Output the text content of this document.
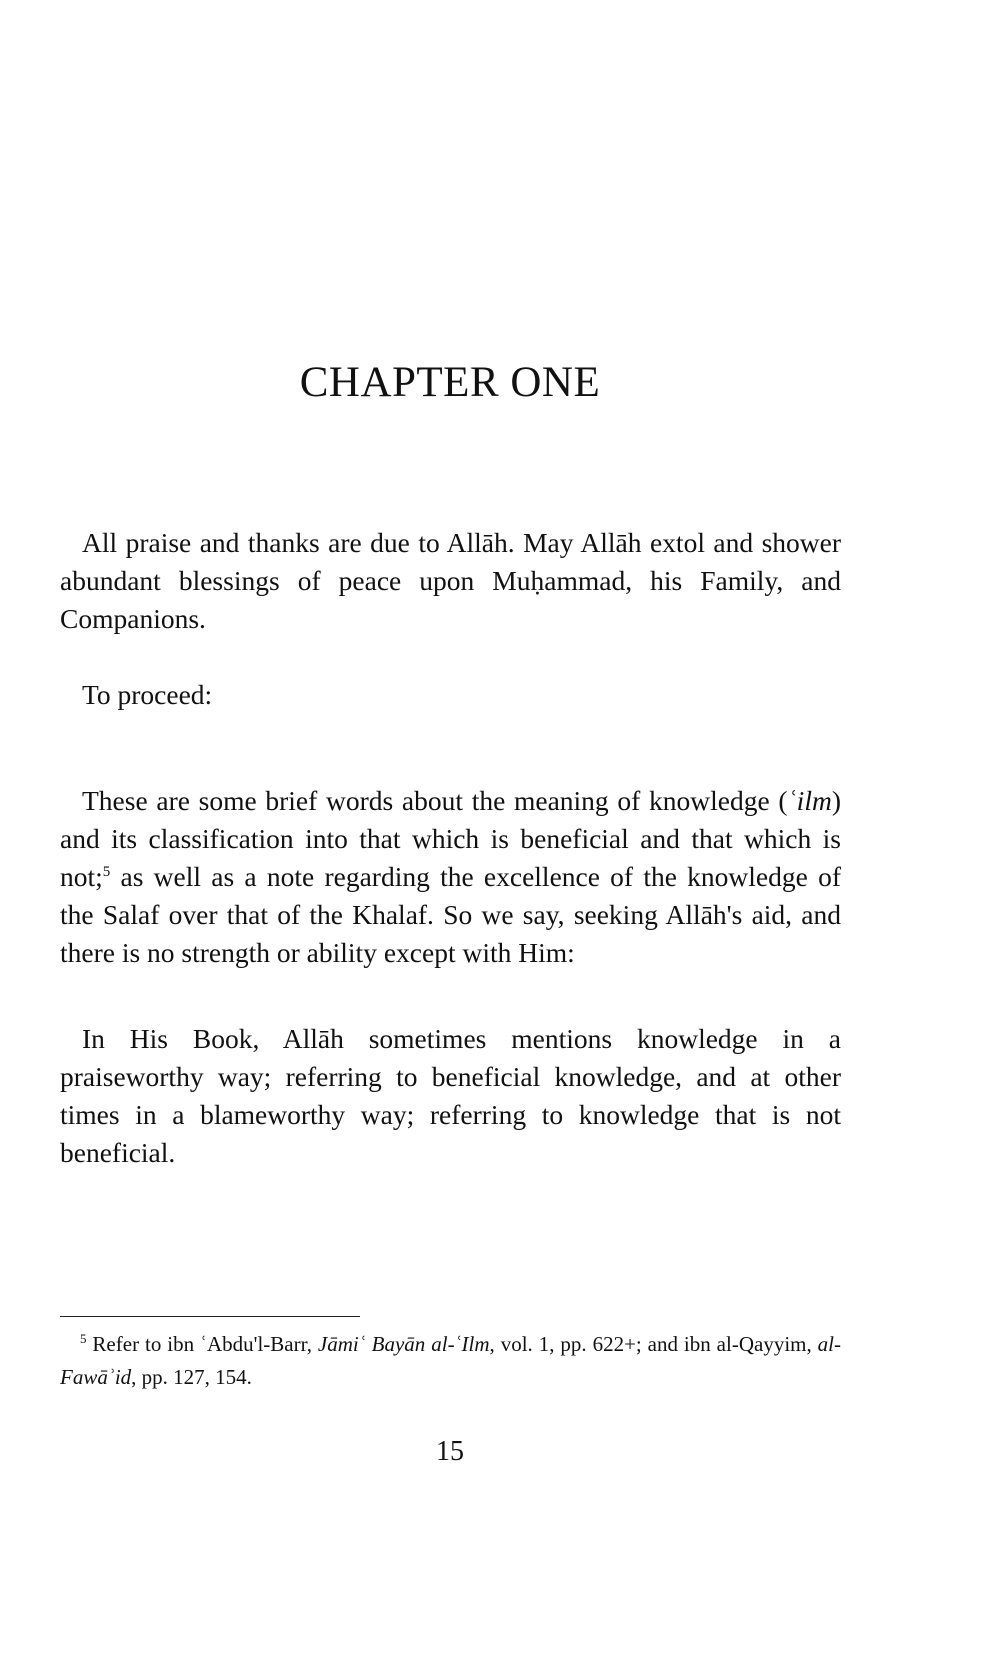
CHAPTER ONE

All praise and thanks are due to Allāh. May Allāh extol and shower abundant blessings of peace upon Muḥammad, his Family, and Companions.

To proceed:

These are some brief words about the meaning of knowledge (ʿilm) and its classification into that which is beneficial and that which is not;$^5$ as well as a note regarding the excellence of the knowledge of the Salaf over that of the Khalaf. So we say, seeking Allāh's aid, and there is no strength or ability except with Him:

In His Book, Allāh sometimes mentions knowledge in a praiseworthy way; referring to beneficial knowledge, and at other times in a blameworthy way; referring to knowledge that is not beneficial.

$^5$ Refer to ibn ʿAbdu'l-Barr, Jāmiʿ Bayān al-ʿIlm, vol. 1, pp. 622+; and ibn al-Qayyim, al-Fawāʾid, pp. 127, 154.

15
